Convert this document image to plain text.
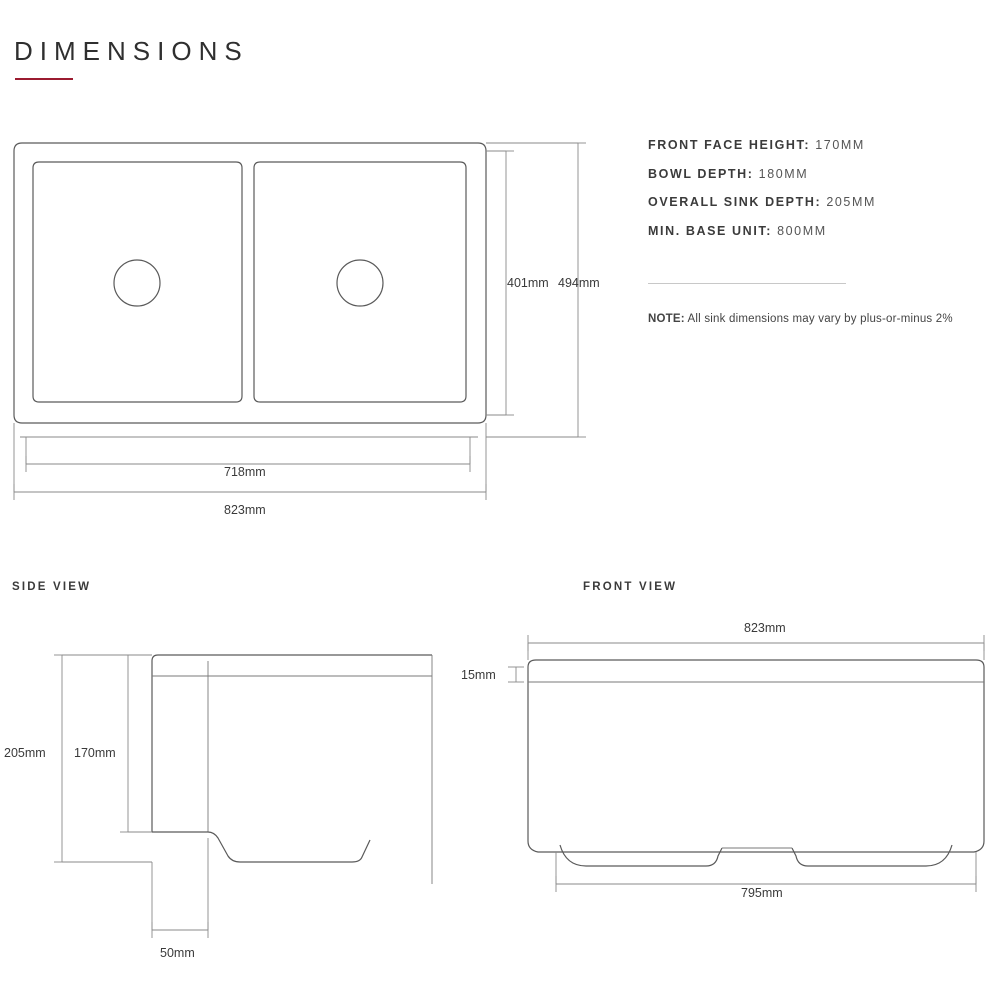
DIMENSIONS
FRONT FACE HEIGHT: 170MM
BOWL DEPTH: 180MM
OVERALL SINK DEPTH: 205MM
MIN. BASE UNIT: 800MM
NOTE: All sink dimensions may vary by plus-or-minus 2%
SIDE VIEW	FRONT VIEW
401mm 494mm
718mm
823mm
205mm 170mm
50mm
823mm
15mm
795mm
